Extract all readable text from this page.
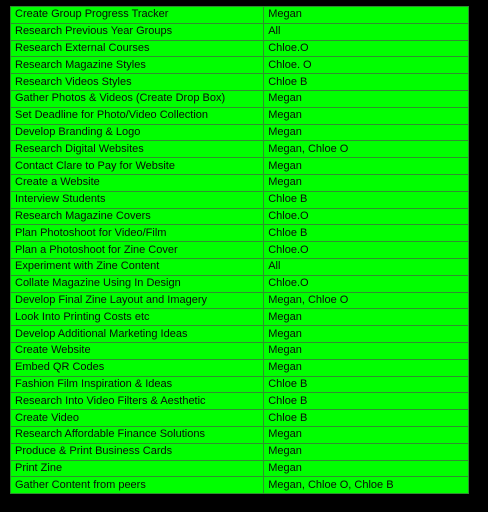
Create Group Progress Tracker	Megan
Research Previous Year Groups	All
Research External Courses	Chloe.O
Research Magazine Styles	Chloe. O
Research Videos Styles	Chloe B
Gather Photos & Videos (Create Drop Box)	Megan
Set Deadline for Photo/Video Collection	Megan
Develop Branding & Logo	Megan
Research Digital Websites	Megan, Chloe O
Contact Clare to Pay for Website	Megan
Create a Website	Megan
Interview Students	Chloe B
Research Magazine Covers	Chloe.O
Plan Photoshoot for Video/Film	Chloe B
Plan a Photoshoot for Zine Cover	Chloe.O
Experiment with Zine Content	All
Collate Magazine Using In Design	Chloe.O
Develop Final Zine Layout and Imagery	Megan, Chloe O
Look Into Printing Costs etc	Megan
Develop Additional Marketing Ideas	Megan
Create Website	Megan
Embed QR Codes	Megan
Fashion Film Inspiration & Ideas	Chloe B
Research Into Video Filters & Aesthetic	Chloe B
Create Video	Chloe B
Research Affordable Finance Solutions	Megan
Produce & Print Business Cards	Megan
Print Zine	Megan
Gather Content from peers	Megan, Chloe O, Chloe B
